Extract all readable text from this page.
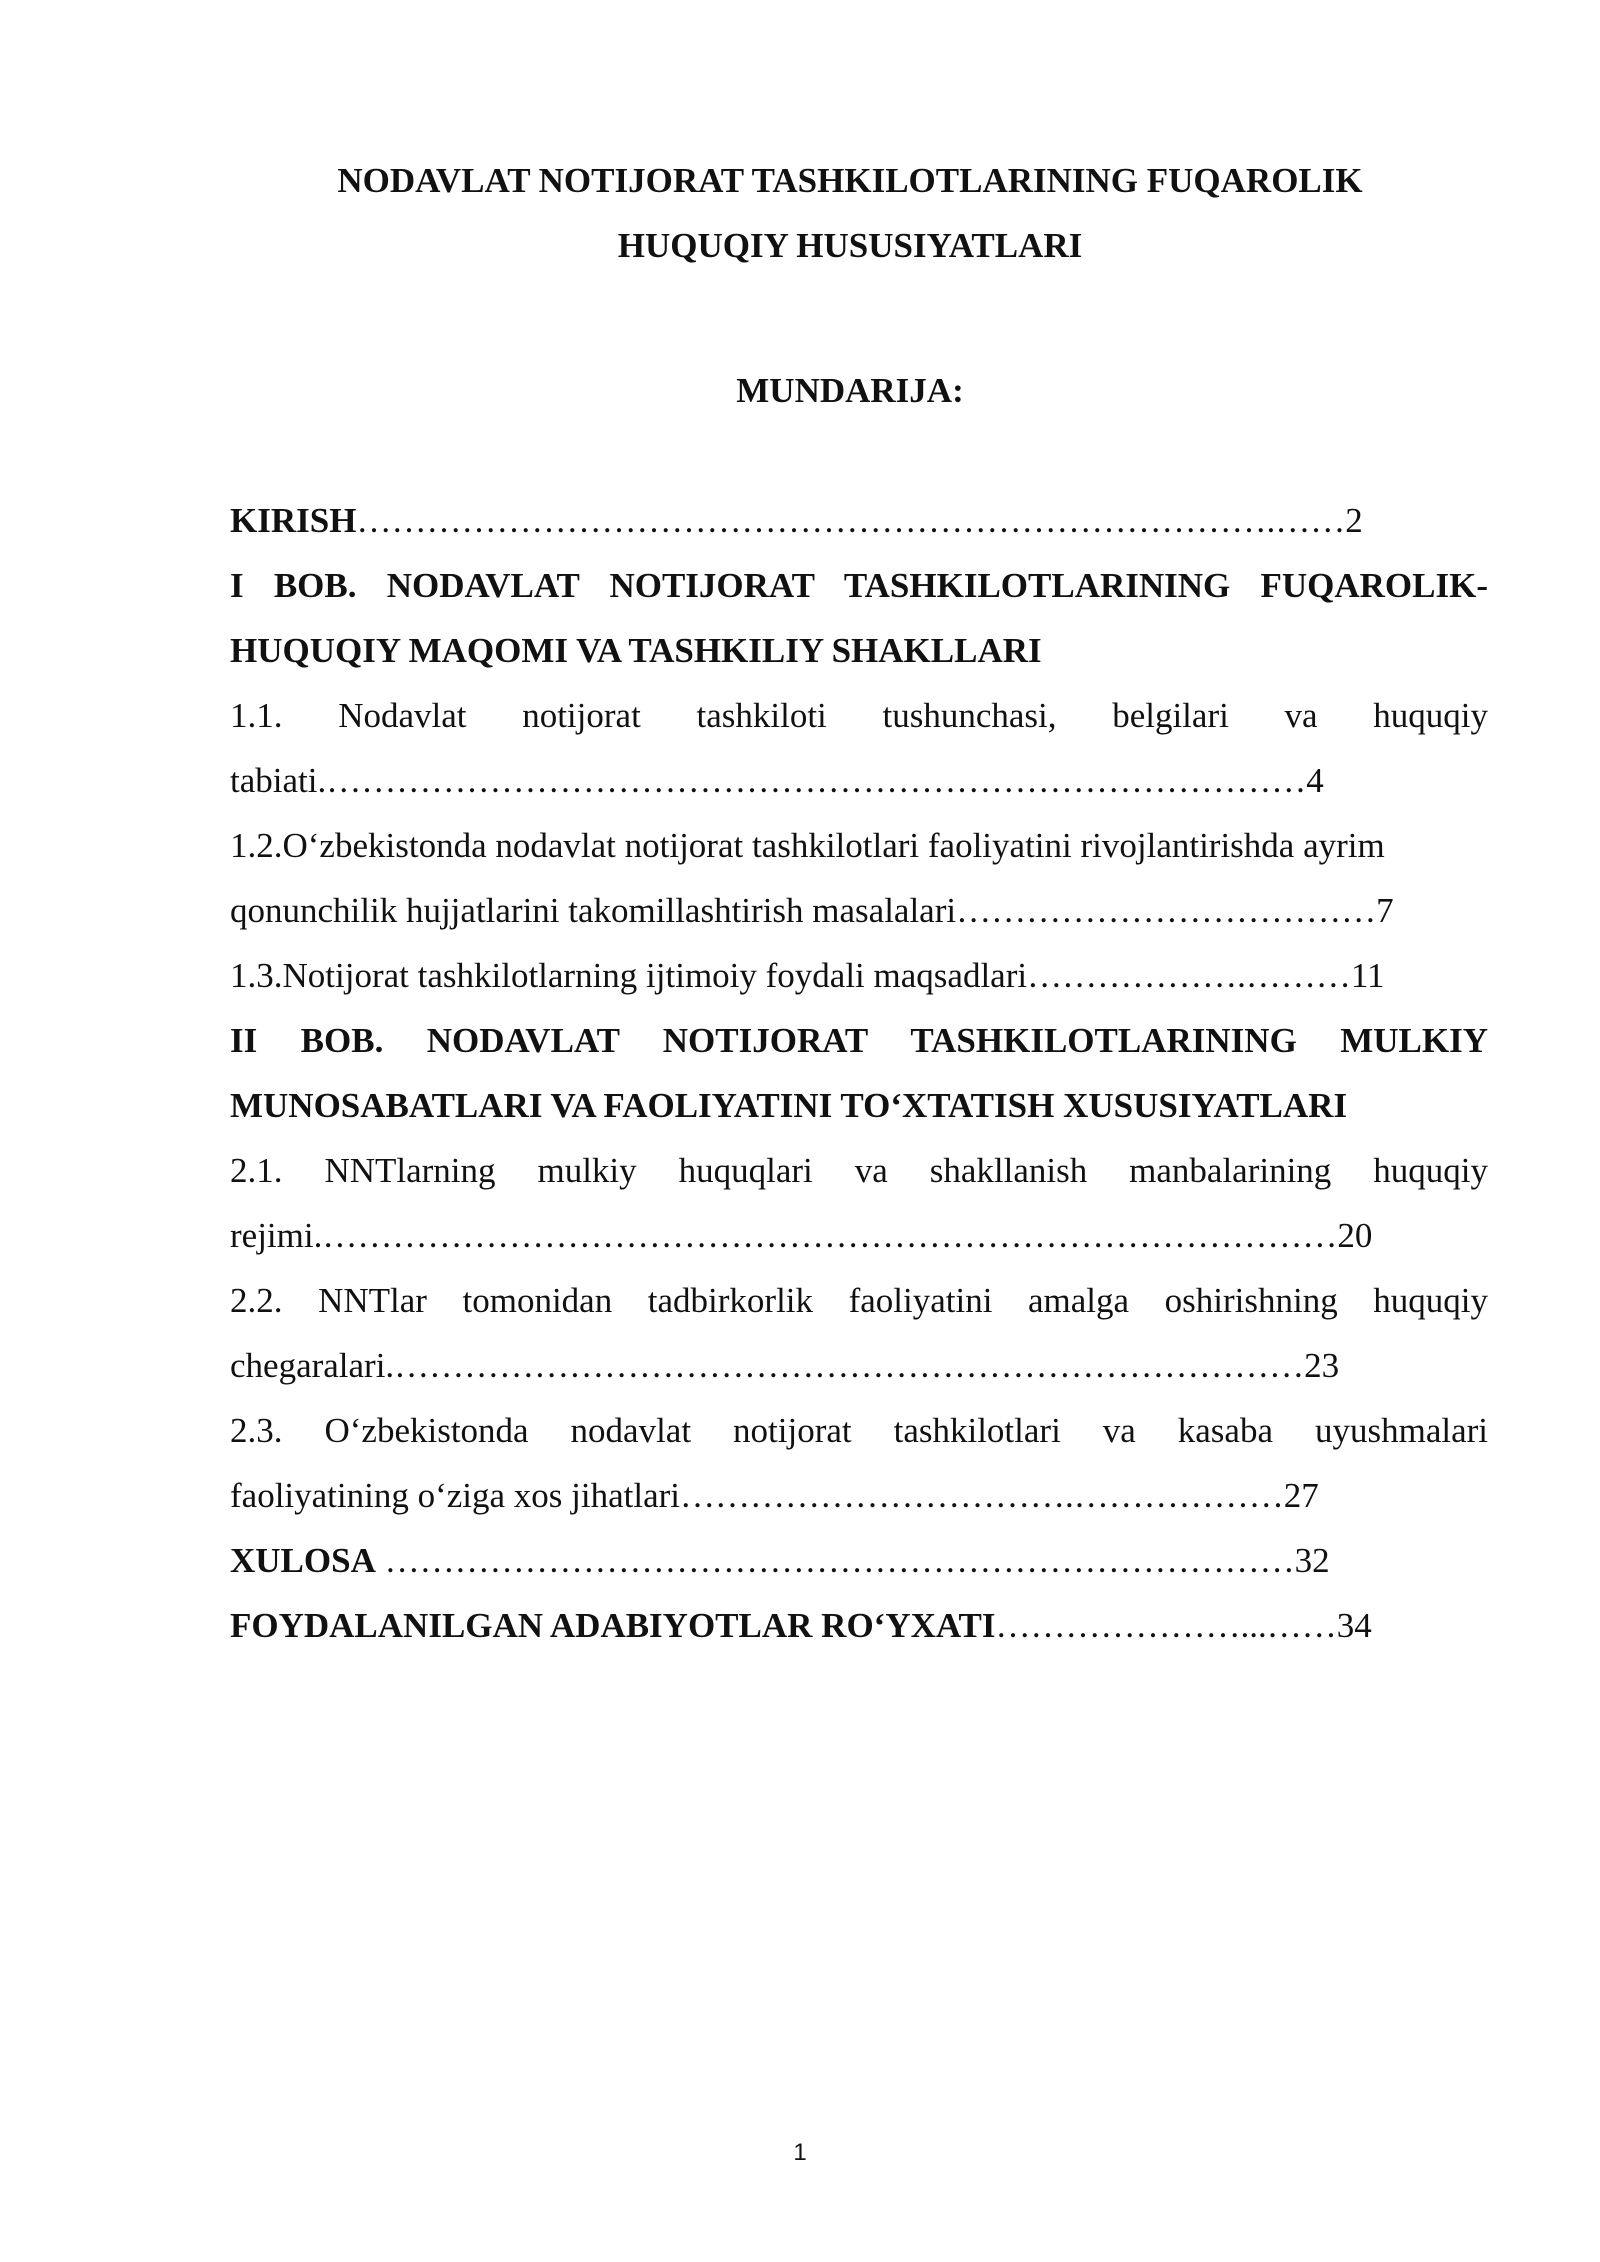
NODAVLAT NOTIJORAT TASHKILOTLARINING FUQAROLIK
HUQUQIY HUSUSIYATLARI
MUNDARIJA:
KIRISH…………………………………………………………………….……2
I BOB. NODAVLAT NOTIJORAT TASHKILOTLARINING FUQAROLIK-
HUQUQIY MAQOMI VA TASHKILIY SHAKLLARI
1.1. Nodavlat notijorat tashkiloti tushunchasi, belgilari va huquqiy
tabiati.…………………………………………………………………………4
1.2.O‘zbekistonda nodavlat notijorat tashkilotlari faoliyatini rivojlantirishda ayrim
qonunchilik hujjatlarini takomillashtirish masalalari………………………………7
1.3.Notijorat tashkilotlarning ijtimoiy foydali maqsadlari……………….………11
II BOB. NODAVLAT NOTIJORAT TASHKILOTLARINING MULKIY
MUNOSABATLARI VA FAOLIYATINI TO‘XTATISH XUSUSIYATLARI
2.1. NNTlarning mulkiy huquqlari va shakllanish manbalarining huquqiy
rejimi.……………………………………………………………………………20
2.2. NNTlar tomonidan tadbirkorlik faoliyatini amalga oshirishning huquqiy
chegaralari.……………………………………………………………………23
2.3. O‘zbekistonda nodavlat notijorat tashkilotlari va kasaba uyushmalari
faoliyatining o‘ziga xos jihatlari…………………………….………………27
XULOSA ……………………………………………………………………32
FOYDALANILGAN ADABIYOTLAR RO‘YXATI…………………...……34
1
